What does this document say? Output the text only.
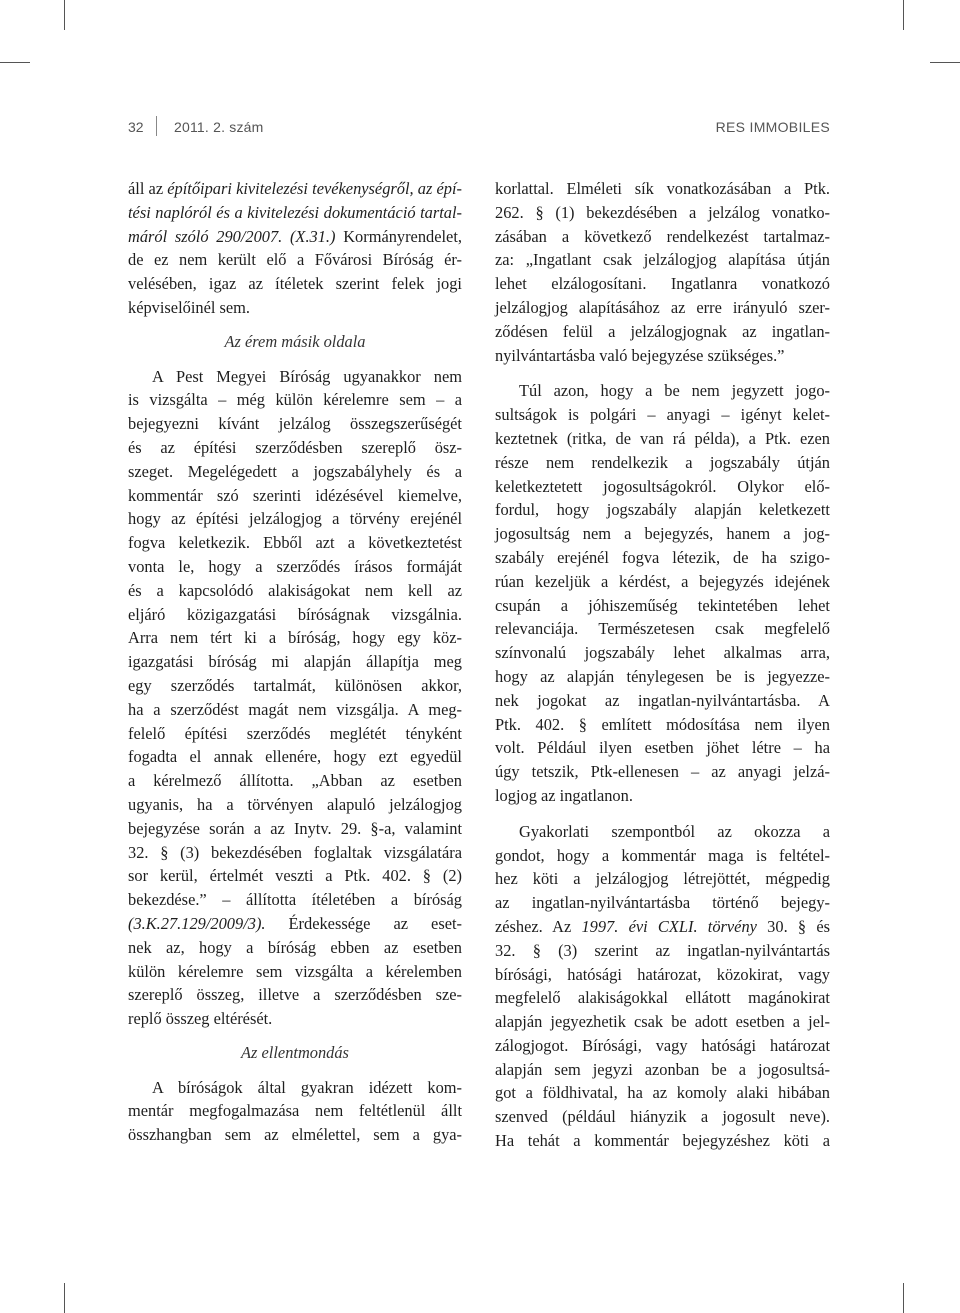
32 2011. 2. szám	RES IMMOBILES

áll az építőipari kivitelezési tevékenységről, az épí-
tési naplóról és a kivitelezési dokumentáció tartal-
máról szóló 290/2007. (X.31.) Kormányrendelet,
de ez nem került elő a Fővárosi Bíróság ér-
velésében, igaz az ítéletek szerint felek jogi
képviselőinél sem.

Az érem másik oldala

A Pest Megyei Bíróság ugyanakkor nem
is vizsgálta – még külön kérelemre sem – a
bejegyezni kívánt jelzálog összegszerűségét
és az építési szerződésben szereplő ösz-
szeget. Megelégedett a jogszabályhely és a
kommentár szó szerinti idézésével kiemelve,
hogy az építési jelzálogjog a törvény erejénél
fogva keletkezik. Ebből azt a következtetést
vonta le, hogy a szerződés írásos formáját
és a kapcsolódó alakiságokat nem kell az
eljáró közigazgatási bíróságnak vizsgálnia.
Arra nem tért ki a bíróság, hogy egy köz-
igazgatási bíróság mi alapján állapítja meg
egy szerződés tartalmát, különösen akkor,
ha a szerződést magát nem vizsgálja. A meg-
felelő építési szerződés meglétét tényként
fogadta el annak ellenére, hogy ezt egyedül
a kérelmező állította. „Abban az esetben
ugyanis, ha a törvényen alapuló jelzálogjog
bejegyzése során a az Inytv. 29. §-a, valamint
32. § (3) bekezdésében foglaltak vizsgálatára
sor kerül, értelmét veszti a Ptk. 402. § (2)
bekezdése.” – állította ítéletében a bíróság
(3.K.27.129/2009/3). Érdekessége az eset-
nek az, hogy a bíróság ebben az esetben
külön kérelemre sem vizsgálta a kérelemben
szereplő összeg, illetve a szerződésben sze-
replő összeg eltérését.

Az ellentmondás

A bíróságok által gyakran idézett kom-
mentár megfogalmazása nem feltétlenül állt
összhangban sem az elmélettel, sem a gya-

korlattal. Elméleti sík vonatkozásában a Ptk.
262. § (1) bekezdésében a jelzálog vonatko-
zásában a következő rendelkezést tartalmaz-
za: „Ingatlant csak jelzálogjog alapítása útján
lehet elzálogosítani. Ingatlanra vonatkozó
jelzálogjog alapításához az erre irányuló szer-
ződésen felül a jelzálogjognak az ingatlan-
nyilvántartásba való bejegyzése szükséges.”

Túl azon, hogy a be nem jegyzett jogo-
sultságok is polgári – anyagi – igényt kelet-
keztetnek (ritka, de van rá példa), a Ptk. ezen
része nem rendelkezik a jogszabály útján
keletkeztetett jogosultságokról. Olykor elő-
fordul, hogy jogszabály alapján keletkezett
jogosultság nem a bejegyzés, hanem a jog-
szabály erejénél fogva létezik, de ha szigo-
rúan kezeljük a kérdést, a bejegyzés idejének
csupán a jóhiszeműség tekintetében lehet
relevanciája. Természetesen csak megfelelő
színvonalú jogszabály lehet alkalmas arra,
hogy az alapján ténylegesen be is jegyezze-
nek jogokat az ingatlan-nyilvántartásba. A
Ptk. 402. § említett módosítása nem ilyen
volt. Például ilyen esetben jöhet létre – ha
úgy tetszik, Ptk-ellenesen – az anyagi jelzá-
logjog az ingatlanon.

Gyakorlati szempontból az okozza a
gondot, hogy a kommentár maga is feltétel-
hez köti a jelzálogjog létrejöttét, mégpedig
az ingatlan-nyilvántartásba történő bejegy-
zéshez. Az 1997. évi CXLI. törvény 30. § és
32. § (3) szerint az ingatlan-nyilvántartás
bírósági, hatósági határozat, közokirat, vagy
megfelelő alakiságokkal ellátott magánokirat
alapján jegyezhetik csak be adott esetben a jel-
zálogjogot. Bírósági, vagy hatósági határozat
alapján sem jegyzi azonban be a jogosultsá-
got a földhivatal, ha az komoly alaki hibában
szenved (például hiányzik a jogosult neve).
Ha tehát a kommentár bejegyzéshez köti a
